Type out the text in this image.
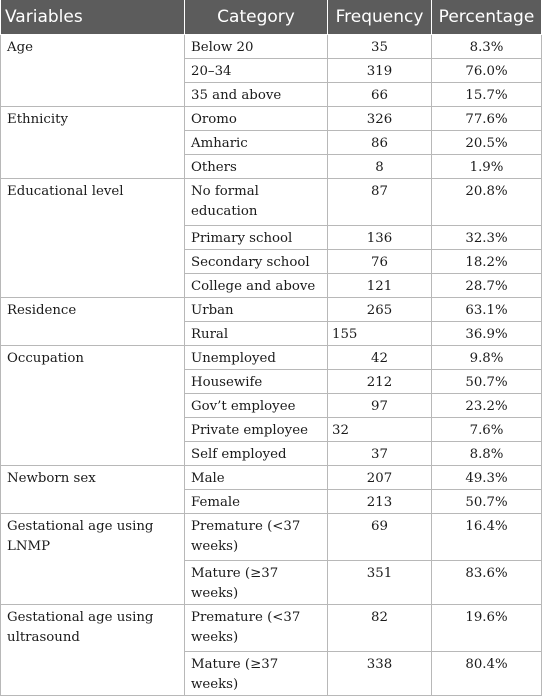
Variables	Category	Frequency	Percentage
Age	Below 20	35	8.3%
	20–34	319	76.0%
	35 and above	66	15.7%
Ethnicity	Oromo	326	77.6%
	Amharic	86	20.5%
	Others	8	1.9%
Educational level	No formal education	87	20.8%
	Primary school	136	32.3%
	Secondary school	76	18.2%
	College and above	121	28.7%
Residence	Urban	265	63.1%
	Rural	155	36.9%
Occupation	Unemployed	42	9.8%
	Housewife	212	50.7%
	Gov’t employee	97	23.2%
	Private employee	32	7.6%
	Self employed	37	8.8%
Newborn sex	Male	207	49.3%
	Female	213	50.7%
Gestational age using LNMP	Premature (<37 weeks)	69	16.4%
	Mature (≥37 weeks)	351	83.6%
Gestational age using ultrasound	Premature (<37 weeks)	82	19.6%
	Mature (≥37 weeks)	338	80.4%
